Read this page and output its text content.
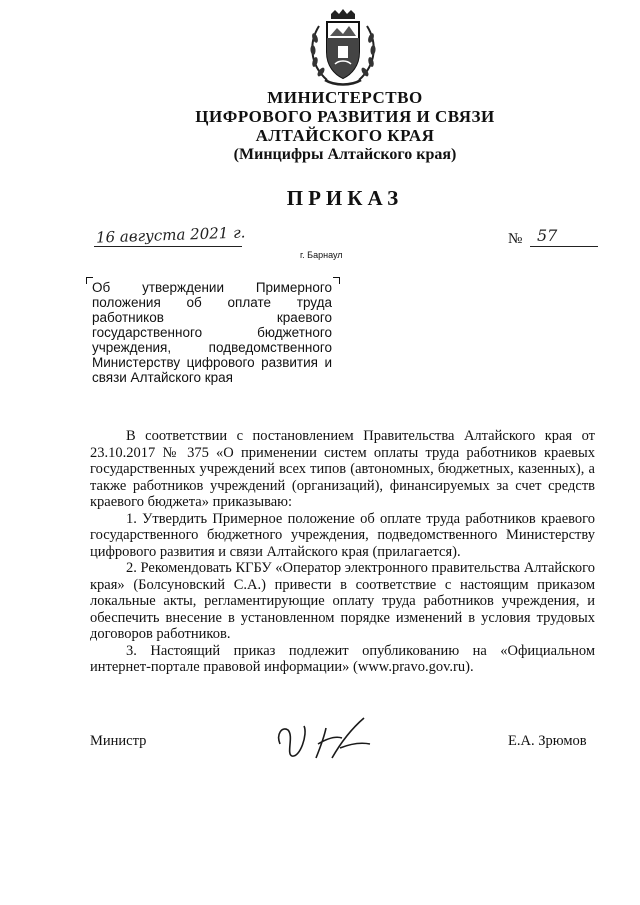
МИНИСТЕРСТВО
ЦИФРОВОГО РАЗВИТИЯ И СВЯЗИ
АЛТАЙСКОГО КРАЯ
(Минцифры Алтайского края)
ПРИКАЗ
16 августа 2021 г.
г. Барнаул
№ 57
Об утверждении Примерного
положения об оплате труда
работников краевого
государственного бюджетного
учреждения, подведомственного
Министерству цифрового развития и
связи Алтайского края

В соответствии с постановлением Правительства Алтайского края от 23.10.2017 № 375 «О применении систем оплаты труда работников краевых государственных учреждений всех типов (автономных, бюджетных, казенных), а также работников учреждений (организаций), финансируемых за счет средств краевого бюджета» приказываю:

1. Утвердить Примерное положение об оплате труда работников краевого государственного бюджетного учреждения, подведомственного Министерству цифрового развития и связи Алтайского края (прилагается).

2. Рекомендовать КГБУ «Оператор электронного правительства Алтайского края» (Болсуновский С.А.) привести в соответствие с настоящим приказом локальные акты, регламентирующие оплату труда работников учреждения, и обеспечить внесение в установленном порядке изменений в условия трудовых договоров работников.

3. Настоящий приказ подлежит опубликованию на «Официальном интернет-портале правовой информации» (www.pravo.gov.ru).

Министр	Е.А. Зрюмов
